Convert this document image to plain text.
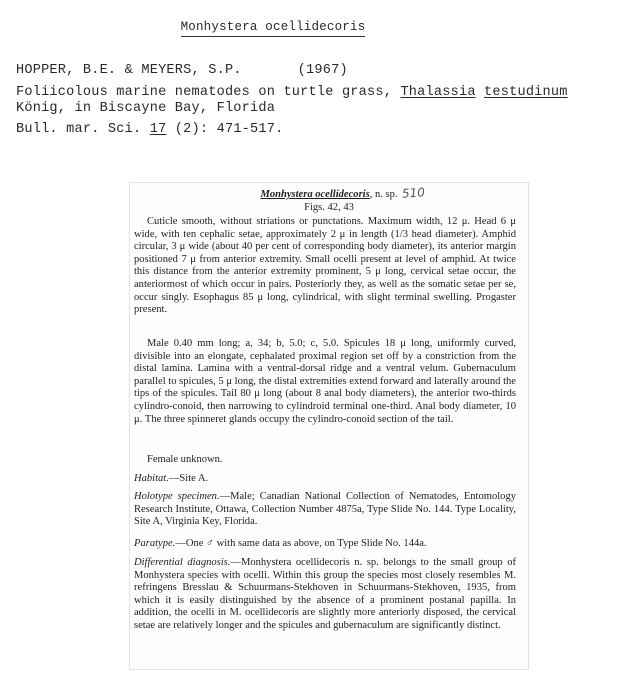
Monhystera ocellidecoris
HOPPER, B.E. & MEYERS, S.P.	(1967)
Foliicolous marine nematodes on turtle grass, Thalassia testudinum
König, in Biscayne Bay, Florida
Bull. mar. Sci. 17 (2): 471-517.
Monhystera ocellidecoris, n. sp. 510
Figs. 42, 43

Cuticle smooth, without striations or punctations. Maximum width, 12 μ. Head 6 μ wide, with ten cephalic setae, approximately 2 μ in length (1/3 head diameter). Amphid circular, 3 μ wide (about 40 per cent of corresponding body diameter), its anterior margin positioned 7 μ from anterior extremity. Small ocelli present at level of amphid. At twice this distance from the anterior extremity prominent, 5 μ long, cervical setae occur, the anteriormost of which occur in pairs. Posteriorly they, as well as the somatic setae per se, occur singly. Esophagus 85 μ long, cylindrical, with slight terminal swelling. Progaster present.

Male 0.40 mm long; a, 34; b, 5.0; c, 5.0. Spicules 18 μ long, uniformly curved, divisible into an elongate, cephalated proximal region set off by a constriction from the distal lamina. Lamina with a ventral-dorsal ridge and a ventral velum. Gubernaculum parallel to spicules, 5 μ long, the distal extremities extend forward and laterally around the tips of the spicules. Tail 80 μ long (about 8 anal body diameters), the anterior two-thirds cylindro-conoid, then narrowing to cylindroid terminal one-third. Anal body diameter, 10 μ. The three spinneret glands occupy the cylindro-conoid section of the tail.

Female unknown.

Habitat.—Site A.

Holotype specimen.—Male; Canadian National Collection of Nematodes, Entomology Research Institute, Ottawa, Collection Number 4875a, Type Slide No. 144. Type Locality, Site A, Virginia Key, Florida.

Paratype.—One ♂ with same data as above, on Type Slide No. 144a.

Differential diagnosis.—Monhystera ocellidecoris n. sp. belongs to the small group of Monhystera species with ocelli. Within this group the species most closely resembles M. refringens Bresslau & Schuurmans-Stekhoven in Schuurmans-Stekhoven, 1935, from which it is easily distinguished by the absence of a prominent postanal papilla. In addition, the ocelli in M. ocellidecoris are slightly more anteriorly disposed, the cervical setae are relatively longer and the spicules and gubernaculum are significantly distinct.
